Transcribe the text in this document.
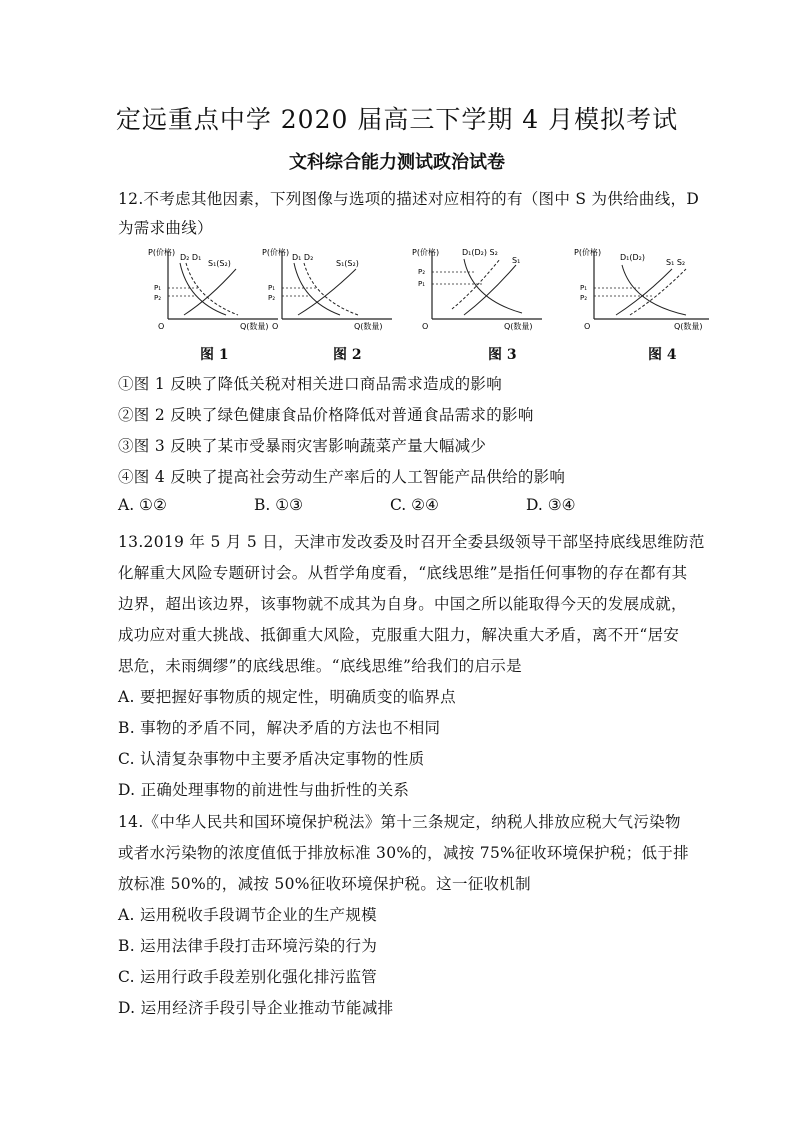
定远重点中学 2020 届高三下学期 4 月模拟考试
文科综合能力测试政治试卷
12.不考虑其他因素，下列图像与选项的描述对应相符的有（图中 S 为供给曲线，D
为需求曲线）
P(价格)
O	Q(数量)
D₂ D₁
S₁(S₂)
P₁
P₂
图 1
P(价格)
O	Q(数量)
D₁ D₂
S₁(S₂)
P₁
P₂
图 2
P(价格)
O	Q(数量)
D₁(D₂) S₂
S₁
P₂
P₁
图 3
P(价格)
O	Q(数量)
D₁(D₂)
S₁ S₂
P₁
P₂
图 4
①图 1 反映了降低关税对相关进口商品需求造成的影响
②图 2 反映了绿色健康食品价格降低对普通食品需求的影响
③图 3 反映了某市受暴雨灾害影响蔬菜产量大幅减少
④图 4 反映了提高社会劳动生产率后的人工智能产品供给的影响
A. ①②	B. ①③	C. ②④	D. ③④
13.2019 年 5 月 5 日，天津市发改委及时召开全委县级领导干部坚持底线思维防范
化解重大风险专题研讨会。从哲学角度看，“底线思维”是指任何事物的存在都有其
边界，超出该边界，该事物就不成其为自身。中国之所以能取得今天的发展成就，
成功应对重大挑战、抵御重大风险，克服重大阻力，解决重大矛盾，离不开“居安
思危，未雨绸缪”的底线思维。“底线思维”给我们的启示是
A. 要把握好事物质的规定性，明确质变的临界点
B. 事物的矛盾不同，解决矛盾的方法也不相同
C. 认清复杂事物中主要矛盾决定事物的性质
D. 正确处理事物的前进性与曲折性的关系
14.《中华人民共和国环境保护税法》第十三条规定，纳税人排放应税大气污染物
或者水污染物的浓度值低于排放标准 30%的，减按 75%征收环境保护税；低于排
放标准 50%的，减按 50%征收环境保护税。这一征收机制
A. 运用税收手段调节企业的生产规模
B. 运用法律手段打击环境污染的行为
C. 运用行政手段差别化强化排污监管
D. 运用经济手段引导企业推动节能减排
